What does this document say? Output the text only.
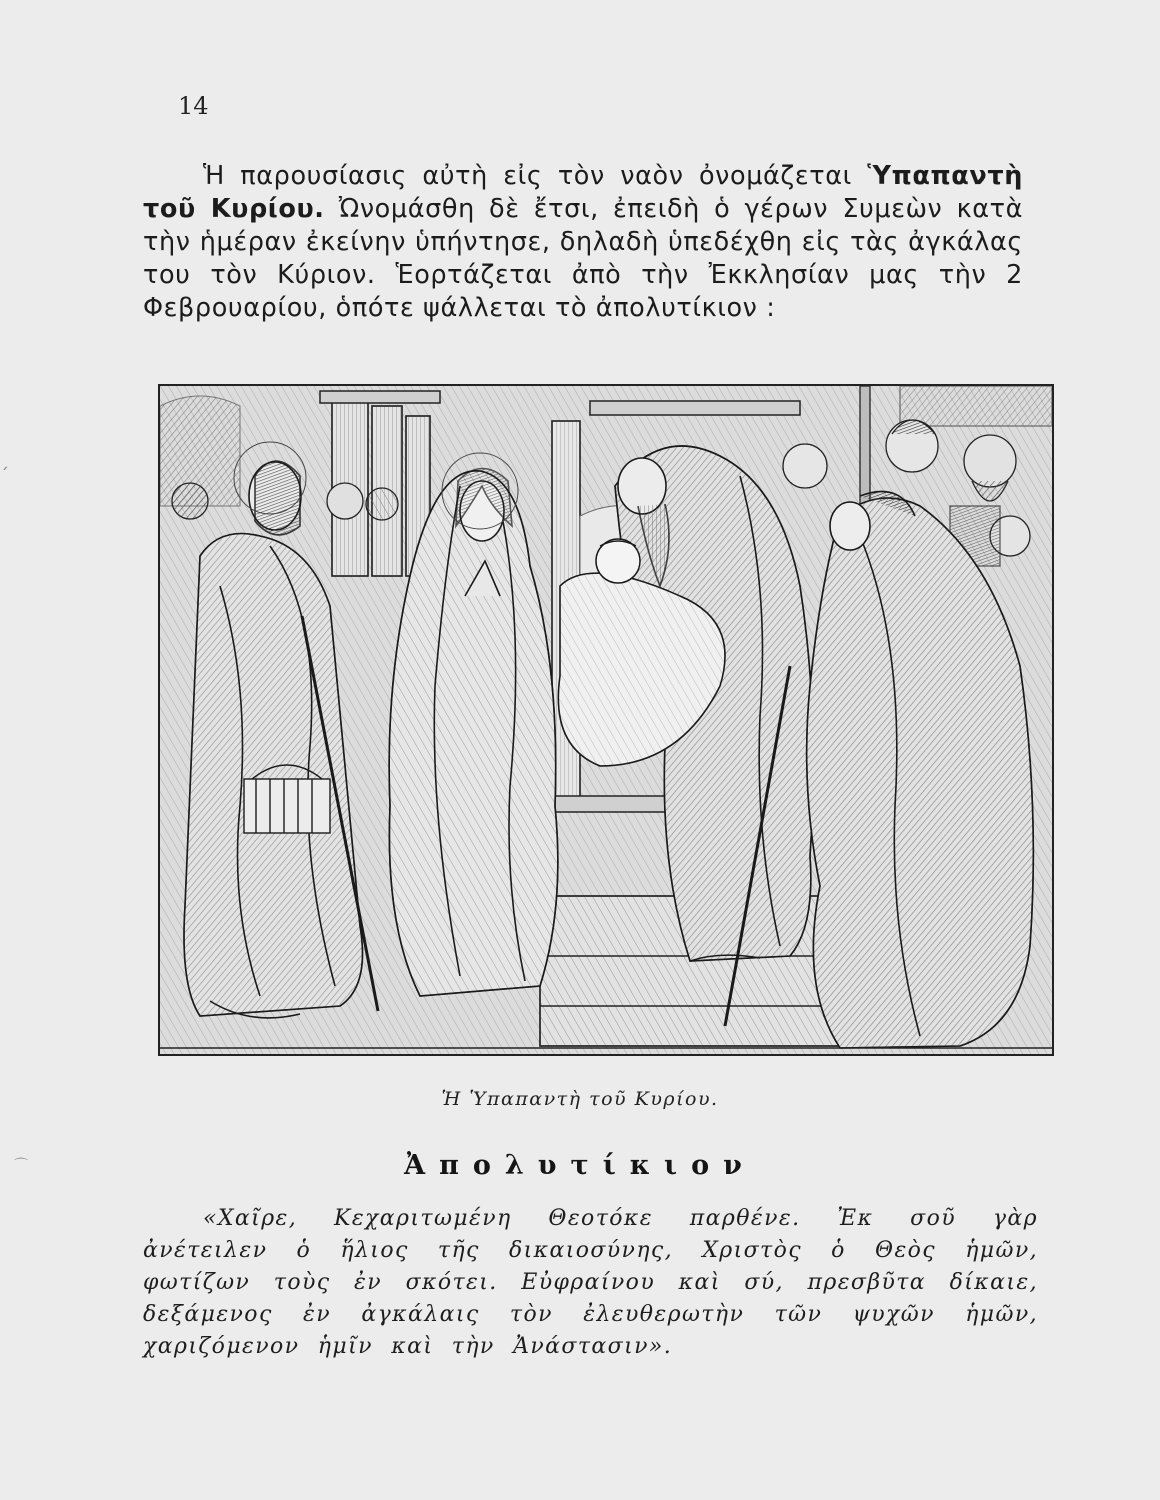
14
Ἡ παρουσίασις αὐτὴ εἰς τὸν ναὸν ὀνομάζεται Ὑπαπαντὴ τοῦ Κυρίου. Ὠνομάσθη δὲ ἔτσι, ἐπειδὴ ὁ γέρων Συμεὼν κατὰ τὴν ἡμέραν ἐκείνην ὑπήντησε, δηλαδὴ ὑπεδέχθη εἰς τὰς ἀγκάλας του τὸν Κύριον. Ἑορτάζεται ἀπὸ τὴν Ἐκκλησίαν μας τὴν 2 Φεβρουαρίου, ὁπότε ψάλλεται τὸ ἀπολυτίκιον :
Ἡ Ὑπαπαντὴ τοῦ Κυρίου.
Ἀπολυτίκιον
«Χαῖρε, Κεχαριτωμένη Θεοτόκε παρθένε. Ἐκ σοῦ γὰρ ἀνέτειλεν ὁ ἥλιος τῆς δικαιοσύνης, Χριστὸς ὁ Θεὸς ἡμῶν, φωτίζων τοὺς ἐν σκότει. Εὐφραίνου καὶ σύ, πρεσβῦτα δίκαιε, δεξάμενος ἐν ἀγκάλαις τὸν ἐλευθερωτὴν τῶν ψυχῶν ἡμῶν, χαριζόμενον ἡμῖν καὶ τὴν Ἀνάστασιν».
ˊ
⌒
